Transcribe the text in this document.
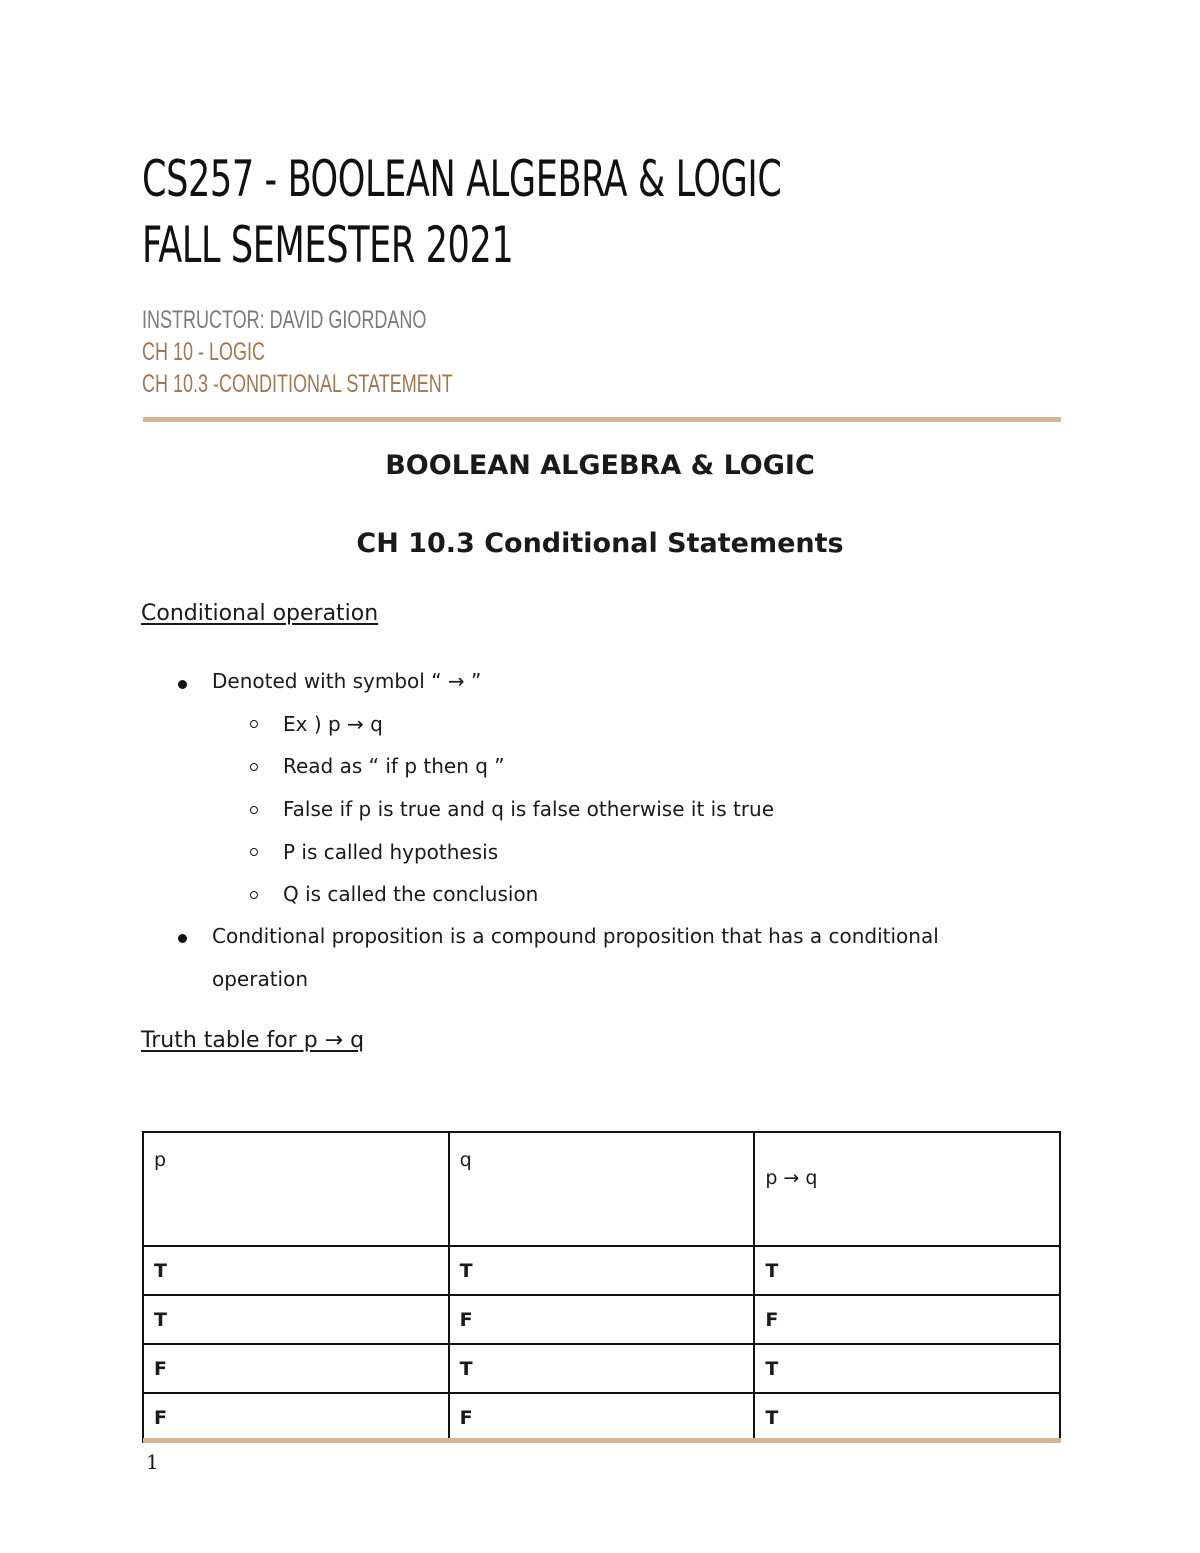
CS257 - BOOLEAN ALGEBRA & LOGIC
FALL SEMESTER 2021

INSTRUCTOR: DAVID GIORDANO

CH 10 - LOGIC

CH 10.3 -CONDITIONAL STATEMENT

BOOLEAN ALGEBRA & LOGIC
CH 10.3 Conditional Statements

Conditional operation

Denoted with symbol “ → ”
Ex ) p → q
Read as “ if p then q ”
False if p is true and q is false otherwise it is true
P is called hypothesis
Q is called the conclusion
Conditional proposition is a compound proposition that has a conditional
operation

Truth table for p → q

p	q	p → q
T	T	T
T	F	F
F	T	T
F	F	T

1
